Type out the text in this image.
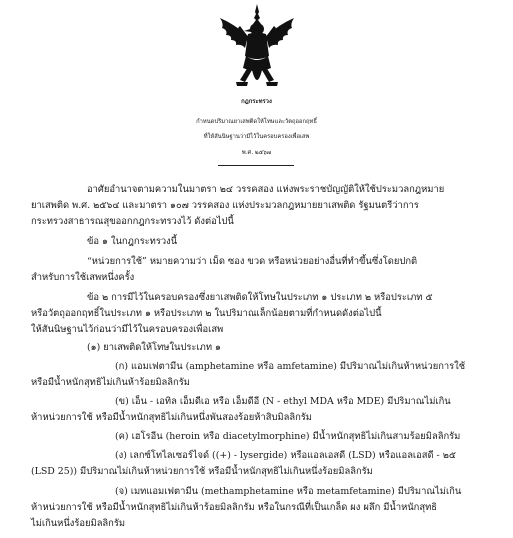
กฎกระทรวง
กำหนดปริมาณยาเสพติดให้โทษและวัตถุออกฤทธิ์
ที่ให้สันนิษฐานว่ามีไว้ในครอบครองเพื่อเสพ
พ.ศ. ๒๕๖๗
อาศัยอำนาจตามความในมาตรา ๒๔ วรรคสอง แห่งพระราชบัญญัติให้ใช้ประมวลกฎหมาย
ยาเสพติด พ.ศ. ๒๕๖๔ และมาตรา ๑๐๗ วรรคสอง แห่งประมวลกฎหมายยาเสพติด รัฐมนตรีว่าการ
กระทรวงสาธารณสุขออกกฎกระทรวงไว้ ดังต่อไปนี้
ข้อ ๑ ในกฎกระทรวงนี้
“หน่วยการใช้” หมายความว่า เม็ด ซอง ขวด หรือหน่วยอย่างอื่นที่ทำขึ้นซึ่งโดยปกติ
สำหรับการใช้เสพหนึ่งครั้ง
ข้อ ๒ การมีไว้ในครอบครองซึ่งยาเสพติดให้โทษในประเภท ๑ ประเภท ๒ หรือประเภท ๕
หรือวัตถุออกฤทธิ์ในประเภท ๑ หรือประเภท ๒ ในปริมาณเล็กน้อยตามที่กำหนดดังต่อไปนี้
ให้สันนิษฐานไว้ก่อนว่ามีไว้ในครอบครองเพื่อเสพ
(๑) ยาเสพติดให้โทษในประเภท ๑
(ก) แอมเฟตามีน (amphetamine หรือ amfetamine) มีปริมาณไม่เกินห้าหน่วยการใช้
หรือมีน้ำหนักสุทธิไม่เกินห้าร้อยมิลลิกรัม
(ข) เอ็น - เอทิล เอ็มดีเอ หรือ เอ็มดีอี (N - ethyl MDA หรือ MDE) มีปริมาณไม่เกิน
ห้าหน่วยการใช้ หรือมีน้ำหนักสุทธิไม่เกินหนึ่งพันสองร้อยห้าสิบมิลลิกรัม
(ค) เฮโรอีน (heroin หรือ diacetylmorphine) มีน้ำหนักสุทธิไม่เกินสามร้อยมิลลิกรัม
(ง) เลกซ์โทไลเซอร์ไจด์ ((+) - lysergide) หรือแอลเอสดี (LSD) หรือแอลเอสดี - ๒๕
(LSD 25)) มีปริมาณไม่เกินห้าหน่วยการใช้ หรือมีน้ำหนักสุทธิไม่เกินหนึ่งร้อยมิลลิกรัม
(จ) เมทแอมเฟตามีน (methamphetamine หรือ metamfetamine) มีปริมาณไม่เกิน
ห้าหน่วยการใช้ หรือมีน้ำหนักสุทธิไม่เกินห้าร้อยมิลลิกรัม หรือในกรณีที่เป็นเกล็ด ผง ผลึก มีน้ำหนักสุทธิ
ไม่เกินหนึ่งร้อยมิลลิกรัม
